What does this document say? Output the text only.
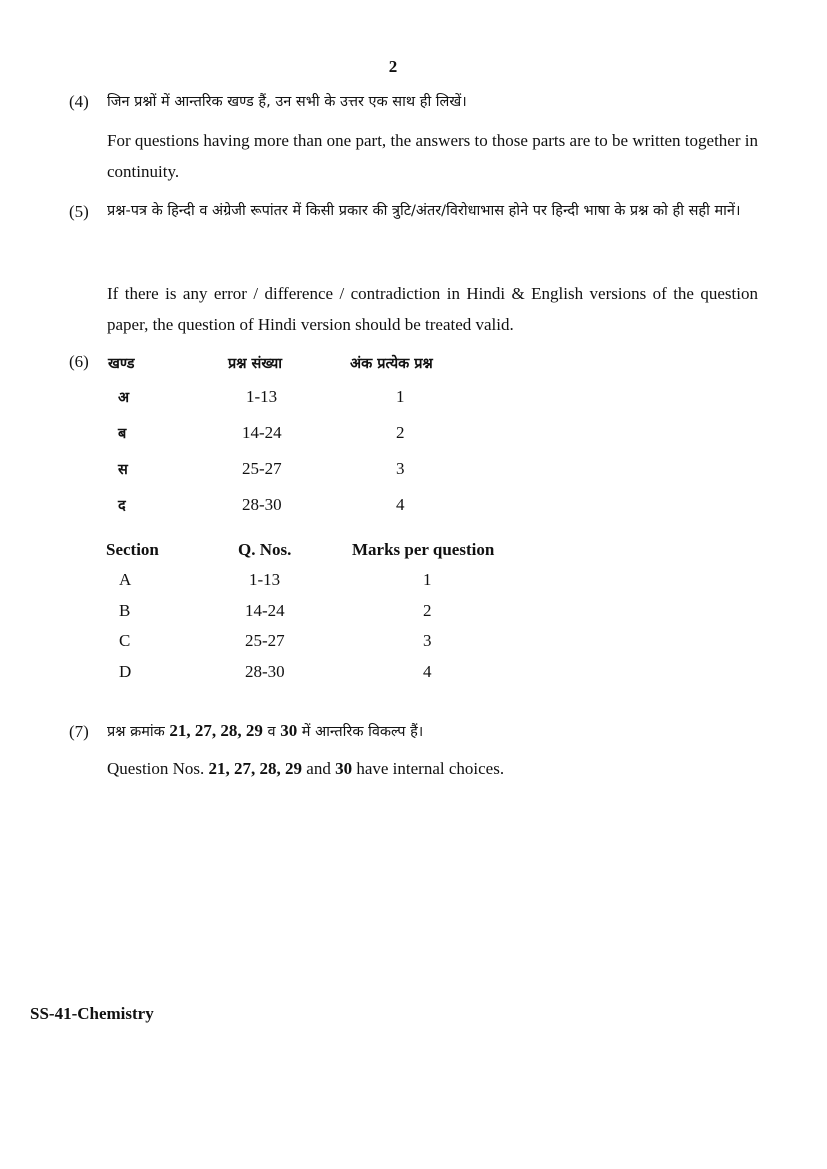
2
(4) जिन प्रश्नों में आन्तरिक खण्ड हैं, उन सभी के उत्तर एक साथ ही लिखें।
For questions having more than one part, the answers to those parts are to be written together in continuity.
(5) प्रश्न-पत्र के हिन्दी व अंग्रेजी रूपांतर में किसी प्रकार की त्रुटि/अंतर/विरोधाभास होने पर हिन्दी भाषा के प्रश्न को ही सही मानें।
If there is any error / difference / contradiction in Hindi & English versions of the question paper, the question of Hindi version should be treated valid.
(6) खण्ड	प्रश्न संख्या	अंक प्रत्येक प्रश्न
अ	1-13	1
ब	14-24	2
स	25-27	3
द	28-30	4
Section	Q. Nos.	Marks per question
A	1-13	1
B	14-24	2
C	25-27	3
D	28-30	4
(7) प्रश्न क्रमांक 21, 27, 28, 29 व 30 में आन्तरिक विकल्प हैं।
Question Nos. 21, 27, 28, 29 and 30 have internal choices.
SS-41-Chemistry
